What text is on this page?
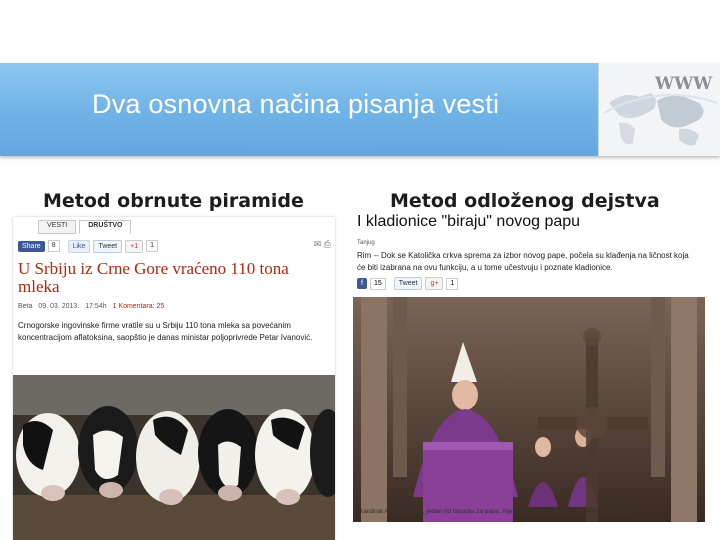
Dva osnovna načina pisanja vesti
WWW
Metod obrnute piramide	Metod odloženog dejstva
VESTI	DRUŠTVO
Share	8	Like	Tweet	+1	1	✉ ⎙
U Srbiju iz Crne Gore vraćeno 110 tona mleka
Beta 09. 03. 2013. 17:54h 1 Komentara: 25
Crnogorske ingovinske firme vratile su u Srbiju 110 tona mleka sa povećanim koncentracijom aflatoksina, saopštio je danas ministar poljoprivrede Petar Ivanović.
I kladionice "biraju" novog papu
Tanjug
Rim -- Dok se Katolička crkva sprema za izbor novog pape, počela su klađenja na ličnost koja će biti izabrana na ovu funkciju, a u tome učestvuju i poznate kladionice.
f	15	Tweet	g+	1
Kardinal Anđelo Skola, jedan od favorita za papu. Njegovo ime je veoma pominjano (Foto: AFP)
